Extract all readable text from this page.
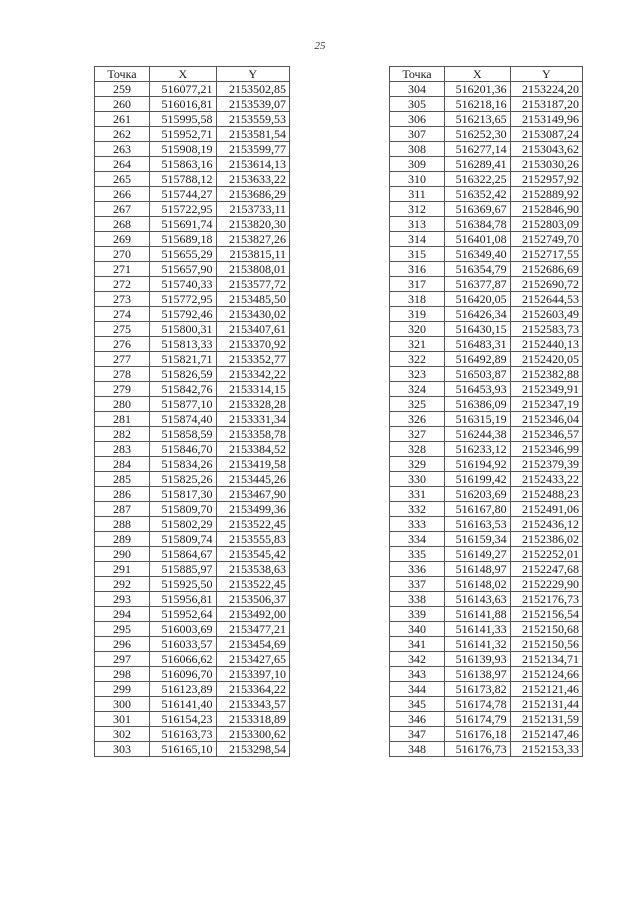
25
Точка	X	Y
259	516077,21	2153502,85
260	516016,81	2153539,07
261	515995,58	2153559,53
262	515952,71	2153581,54
263	515908,19	2153599,77
264	515863,16	2153614,13
265	515788,12	2153633,22
266	515744,27	2153686,29
267	515722,95	2153733,11
268	515691,74	2153820,30
269	515689,18	2153827,26
270	515655,29	2153815,11
271	515657,90	2153808,01
272	515740,33	2153577,72
273	515772,95	2153485,50
274	515792,46	2153430,02
275	515800,31	2153407,61
276	515813,33	2153370,92
277	515821,71	2153352,77
278	515826,59	2153342,22
279	515842,76	2153314,15
280	515877,10	2153328,28
281	515874,40	2153331,34
282	515858,59	2153358,78
283	515846,70	2153384,52
284	515834,26	2153419,58
285	515825,26	2153445,26
286	515817,30	2153467,90
287	515809,70	2153499,36
288	515802,29	2153522,45
289	515809,74	2153555,83
290	515864,67	2153545,42
291	515885,97	2153538,63
292	515925,50	2153522,45
293	515956,81	2153506,37
294	515952,64	2153492,00
295	516003,69	2153477,21
296	516033,57	2153454,69
297	516066,62	2153427,65
298	516096,70	2153397,10
299	516123,89	2153364,22
300	516141,40	2153343,57
301	516154,23	2153318,89
302	516163,73	2153300,62
303	516165,10	2153298,54
Точка	X	Y
304	516201,36	2153224,20
305	516218,16	2153187,20
306	516213,65	2153149,96
307	516252,30	2153087,24
308	516277,14	2153043,62
309	516289,41	2153030,26
310	516322,25	2152957,92
311	516352,42	2152889,92
312	516369,67	2152846,90
313	516384,78	2152803,09
314	516401,08	2152749,70
315	516349,40	2152717,55
316	516354,79	2152686,69
317	516377,87	2152690,72
318	516420,05	2152644,53
319	516426,34	2152603,49
320	516430,15	2152583,73
321	516483,31	2152440,13
322	516492,89	2152420,05
323	516503,87	2152382,88
324	516453,93	2152349,91
325	516386,09	2152347,19
326	516315,19	2152346,04
327	516244,38	2152346,57
328	516233,12	2152346,99
329	516194,92	2152379,39
330	516199,42	2152433,22
331	516203,69	2152488,23
332	516167,80	2152491,06
333	516163,53	2152436,12
334	516159,34	2152386,02
335	516149,27	2152252,01
336	516148,97	2152247,68
337	516148,02	2152229,90
338	516143,63	2152176,73
339	516141,88	2152156,54
340	516141,33	2152150,68
341	516141,32	2152150,56
342	516139,93	2152134,71
343	516138,97	2152124,66
344	516173,82	2152121,46
345	516174,78	2152131,44
346	516174,79	2152131,59
347	516176,18	2152147,46
348	516176,73	2152153,33
